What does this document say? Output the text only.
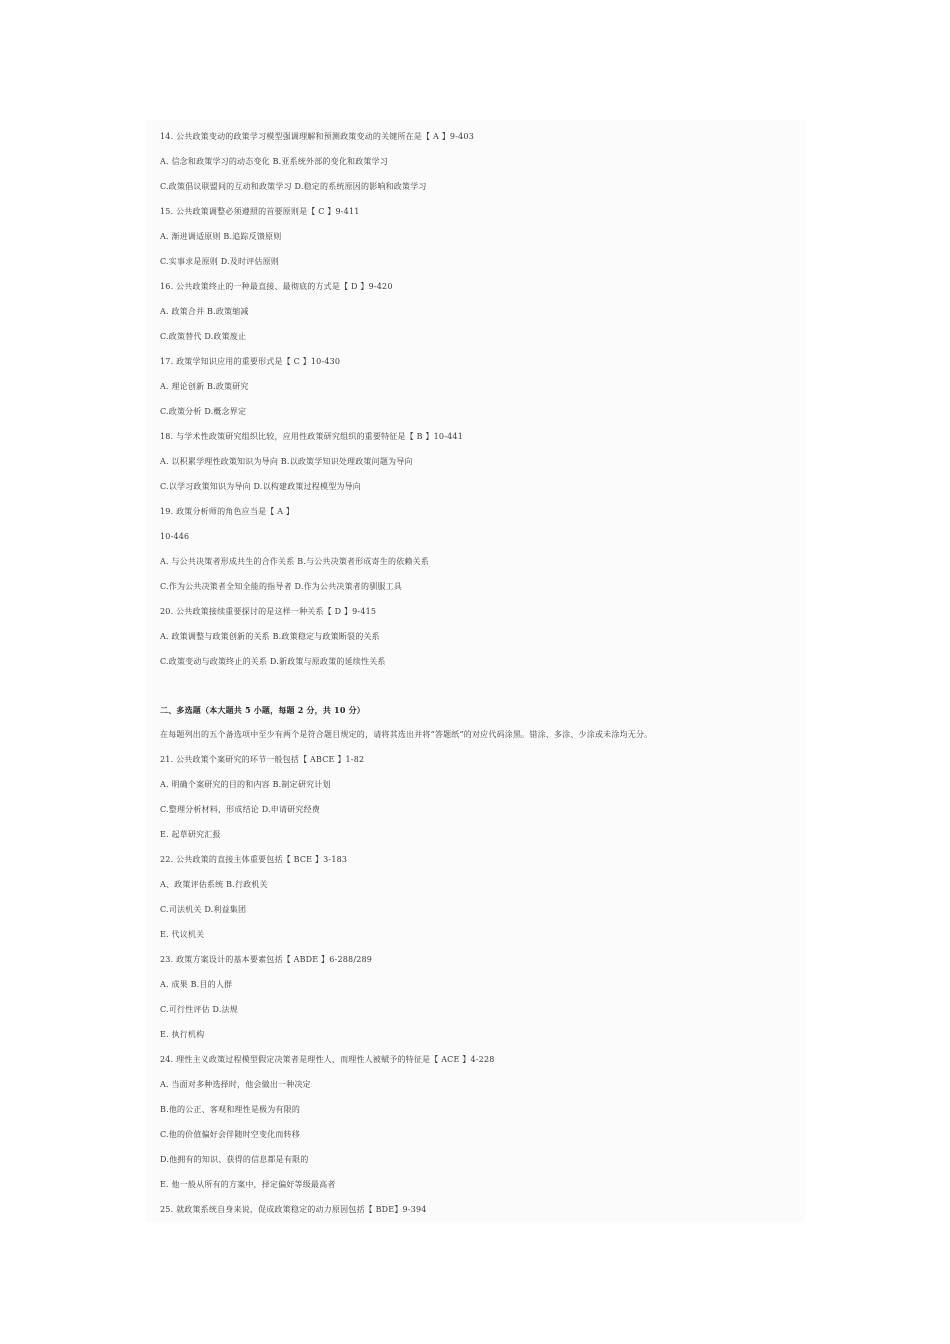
14. 公共政策变动的政策学习模型强调理解和预测政策变动的关键所在是【 A 】9-403
A. 信念和政策学习的动态变化 B.亚系统外部的变化和政策学习
C.政策倡议联盟间的互动和政策学习 D.稳定的系统原因的影响和政策学习
15. 公共政策调整必须遵照的首要原则是【 C 】9-411
A. 渐进调适原则 B.追踪反馈原则
C.实事求是原则 D.及时评估原则
16. 公共政策终止的一种最直接、最彻底的方式是【 D 】9-420
A. 政策合并 B.政策缩减
C.政策替代 D.政策废止
17. 政策学知识应用的重要形式是【 C 】10-430
A. 理论创新 B.政策研究
C.政策分析 D.概念界定
18. 与学术性政策研究组织比较，应用性政策研究组织的重要特征是【 B 】10-441
A. 以积累学理性政策知识为导向 B.以政策学知识处理政策问题为导向
C.以学习政策知识为导向 D.以构建政策过程模型为导向
19. 政策分析师的角色应当是【 A 】
10-446
A. 与公共决策者形成共生的合作关系 B.与公共决策者形成寄生的依赖关系
C.作为公共决策者全知全能的指导者 D.作为公共决策者的驯服工具
20. 公共政策接续重要探讨的是这样一种关系【 D 】9-415
A. 政策调整与政策创新的关系 B.政策稳定与政策断裂的关系
C.政策变动与政策终止的关系 D.新政策与原政策的延续性关系
二、多选题（本大题共 5 小题，每题 2 分，共 10 分）
在每题列出的五个备选项中至少有两个是符合题目规定的，请将其选出并将“答题纸”的对应代码涂黑。错涂、多涂、少涂或未涂均无分。
21. 公共政策个案研究的环节一般包括【 ABCE 】1-82
A. 明确个案研究的目的和内容 B.制定研究计划
C.整理分析材料，形成结论 D.申请研究经费
E. 起草研究汇报
22. 公共政策的直接主体重要包括【 BCE 】3-183
A、政策评估系统 B.行政机关
C.司法机关 D.利益集团
E. 代议机关
23. 政策方案设计的基本要素包括【 ABDE 】6-288/289
A. 成果 B.目的人群
C.可行性评估 D.法规
E. 执行机构
24. 理性主义政策过程模型假定决策者是理性人，而理性人被赋予的特征是【 ACE 】4-228
A. 当面对多种选择时，他会做出一种决定
B.他的公正、客观和理性是极为有限的
C.他的价值偏好会伴随时空变化而转移
D.他拥有的知识、获得的信息都是有限的
E. 他一般从所有的方案中，择定偏好等级最高者
25. 就政策系统自身来说，促成政策稳定的动力原因包括【 BDE】9-394
